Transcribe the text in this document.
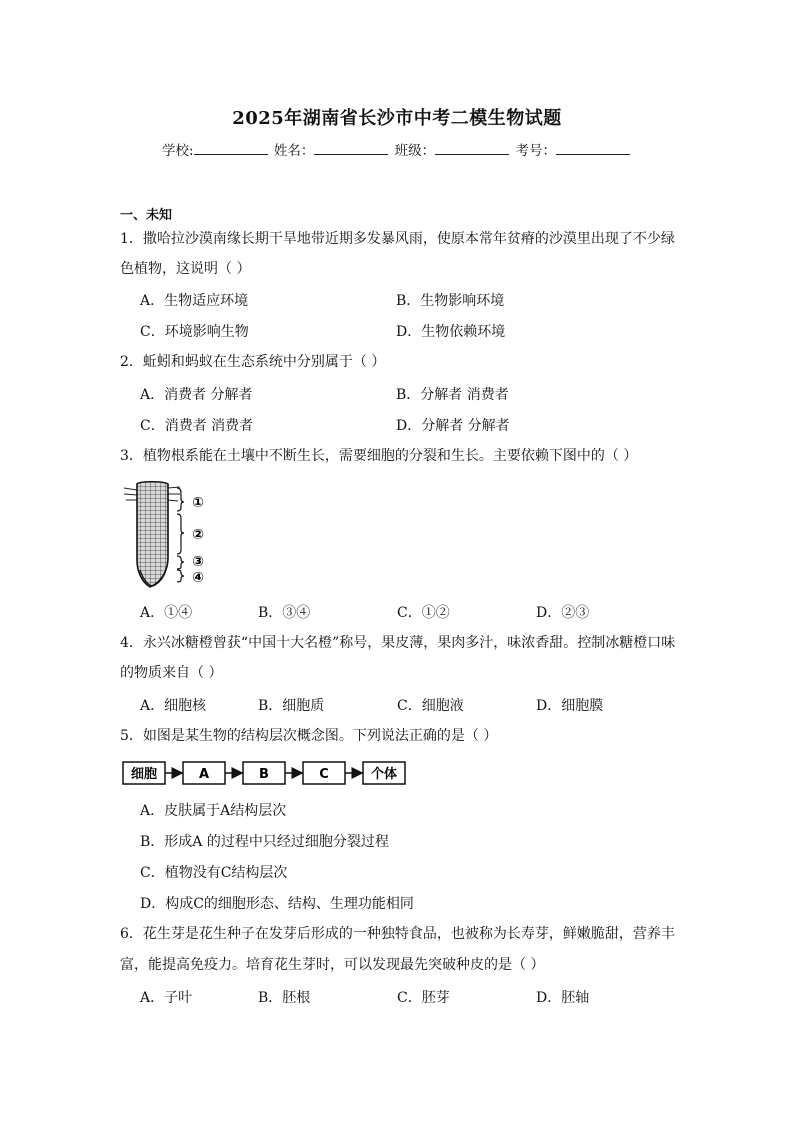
2025年湖南省长沙市中考二模生物试题
学校:	姓名：	班级：	考号：
一、未知
1．撒哈拉沙漠南缘长期干旱地带近期多发暴风雨，使原本常年贫瘠的沙漠里出现了不少绿
色植物，这说明（ ）
A．生物适应环境	B．生物影响环境
C．环境影响生物	D．生物依赖环境
2．蚯蚓和蚂蚁在生态系统中分别属于（ ）
A．消费者 分解者	B．分解者 消费者
C．消费者 消费者	D．分解者 分解者
3．植物根系能在土壤中不断生长，需要细胞的分裂和生长。主要依赖下图中的（ ）
①
②
③
④
A．①④	B．③④	C．①②	D．②③
4．永兴冰糖橙曾获“中国十大名橙”称号，果皮薄，果肉多汁，味浓香甜。控制冰糖橙口味
的物质来自（ ）
A．细胞核	B．细胞质	C．细胞液	D．细胞膜
5．如图是某生物的结构层次概念图。下列说法正确的是（ ）
细胞	A	B	C	个体
A．皮肤属于A结构层次
B．形成A 的过程中只经过细胞分裂过程
C．植物没有C结构层次
D．构成C的细胞形态、结构、生理功能相同
6．花生芽是花生种子在发芽后形成的一种独特食品，也被称为长寿芽，鲜嫩脆甜，营养丰
富，能提高免疫力。培育花生芽时，可以发现最先突破种皮的是（ ）
A．子叶	B．胚根	C．胚芽	D．胚轴
